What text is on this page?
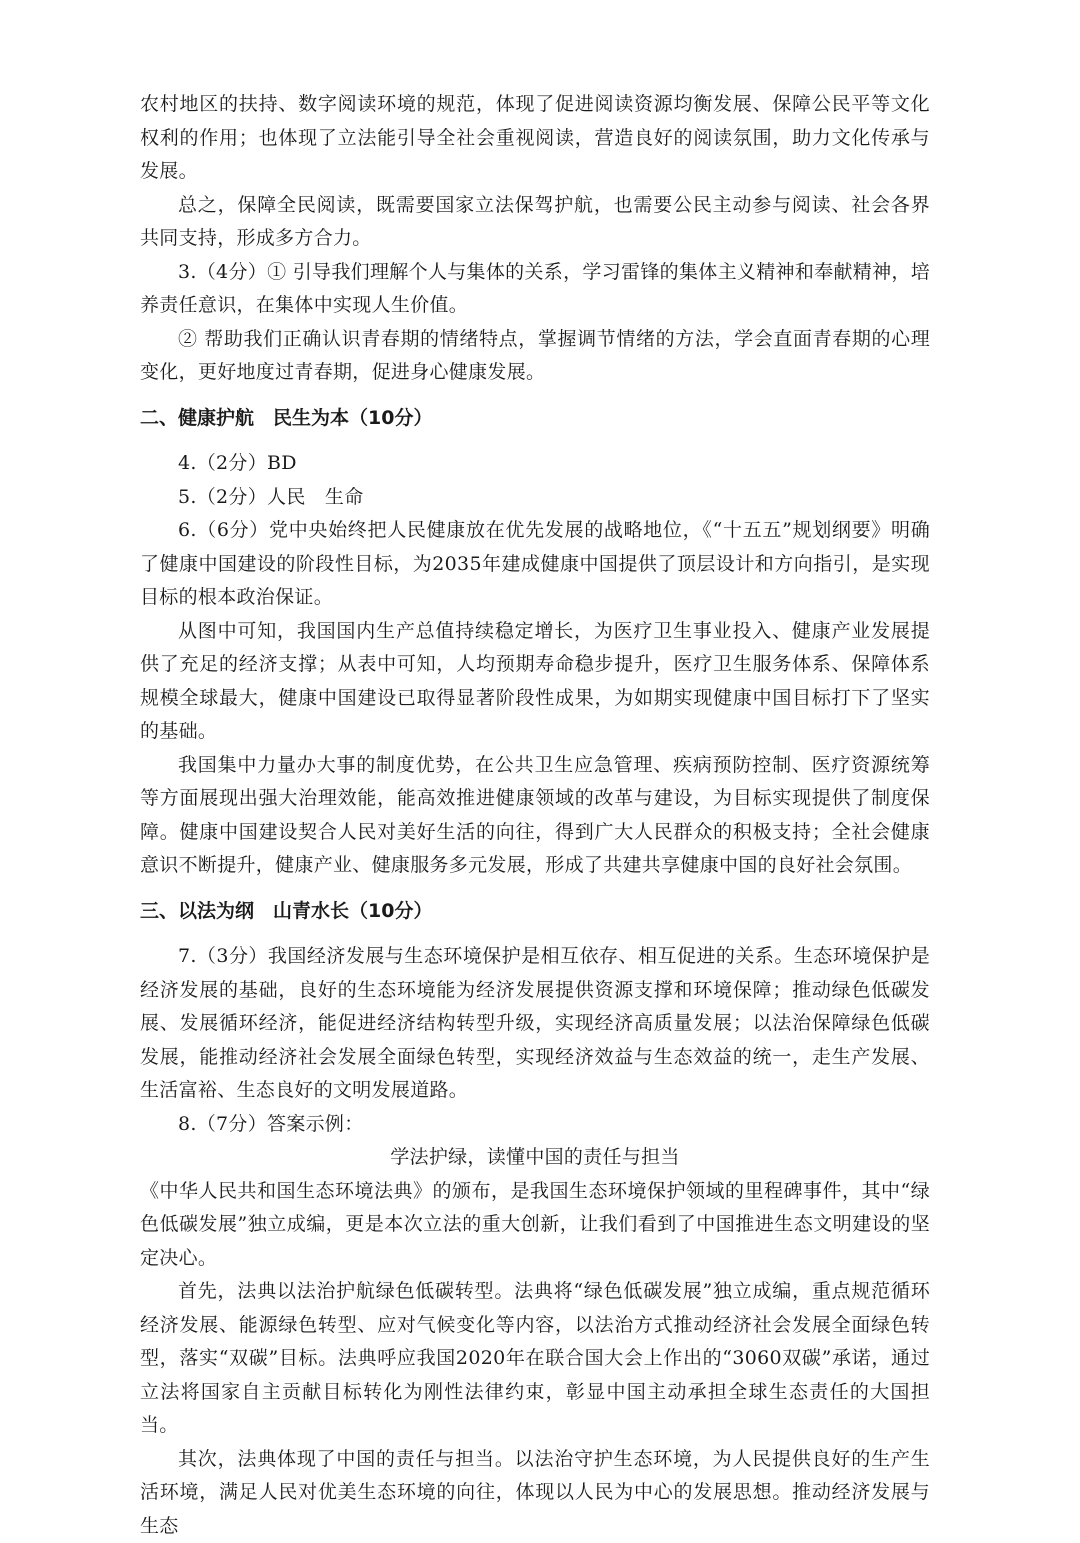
农村地区的扶持、数字阅读环境的规范，体现了促进阅读资源均衡发展、保障公民平等文化权利的作用；也体现了立法能引导全社会重视阅读，营造良好的阅读氛围，助力文化传承与发展。

总之，保障全民阅读，既需要国家立法保驾护航，也需要公民主动参与阅读、社会各界共同支持，形成多方合力。

3.（4分）① 引导我们理解个人与集体的关系，学习雷锋的集体主义精神和奉献精神，培养责任意识，在集体中实现人生价值。

② 帮助我们正确认识青春期的情绪特点，掌握调节情绪的方法，学会直面青春期的心理变化，更好地度过青春期，促进身心健康发展。

二、健康护航　民生为本（10分）

4.（2分）BD

5.（2分）人民　生命

6.（6分）党中央始终把人民健康放在优先发展的战略地位，《“十五五”规划纲要》明确了健康中国建设的阶段性目标，为2035年建成健康中国提供了顶层设计和方向指引，是实现目标的根本政治保证。

从图中可知，我国国内生产总值持续稳定增长，为医疗卫生事业投入、健康产业发展提供了充足的经济支撑；从表中可知，人均预期寿命稳步提升，医疗卫生服务体系、保障体系规模全球最大，健康中国建设已取得显著阶段性成果，为如期实现健康中国目标打下了坚实的基础。

我国集中力量办大事的制度优势，在公共卫生应急管理、疾病预防控制、医疗资源统筹等方面展现出强大治理效能，能高效推进健康领域的改革与建设，为目标实现提供了制度保障。健康中国建设契合人民对美好生活的向往，得到广大人民群众的积极支持；全社会健康意识不断提升，健康产业、健康服务多元发展，形成了共建共享健康中国的良好社会氛围。

三、以法为纲　山青水长（10分）

7.（3分）我国经济发展与生态环境保护是相互依存、相互促进的关系。生态环境保护是经济发展的基础，良好的生态环境能为经济发展提供资源支撑和环境保障；推动绿色低碳发展、发展循环经济，能促进经济结构转型升级，实现经济高质量发展；以法治保障绿色低碳发展，能推动经济社会发展全面绿色转型，实现经济效益与生态效益的统一，走生产发展、生活富裕、生态良好的文明发展道路。

8.（7分）答案示例：

学法护绿，读懂中国的责任与担当

《中华人民共和国生态环境法典》的颁布，是我国生态环境保护领域的里程碑事件，其中“绿色低碳发展”独立成编，更是本次立法的重大创新，让我们看到了中国推进生态文明建设的坚定决心。

首先，法典以法治护航绿色低碳转型。法典将“绿色低碳发展”独立成编，重点规范循环经济发展、能源绿色转型、应对气候变化等内容，以法治方式推动经济社会发展全面绿色转型，落实“双碳”目标。法典呼应我国2020年在联合国大会上作出的“3060双碳”承诺，通过立法将国家自主贡献目标转化为刚性法律约束，彰显中国主动承担全球生态责任的大国担当。

其次，法典体现了中国的责任与担当。以法治守护生态环境，为人民提供良好的生产生活环境，满足人民对优美生态环境的向往，体现以人民为中心的发展思想。推动经济发展与生态
